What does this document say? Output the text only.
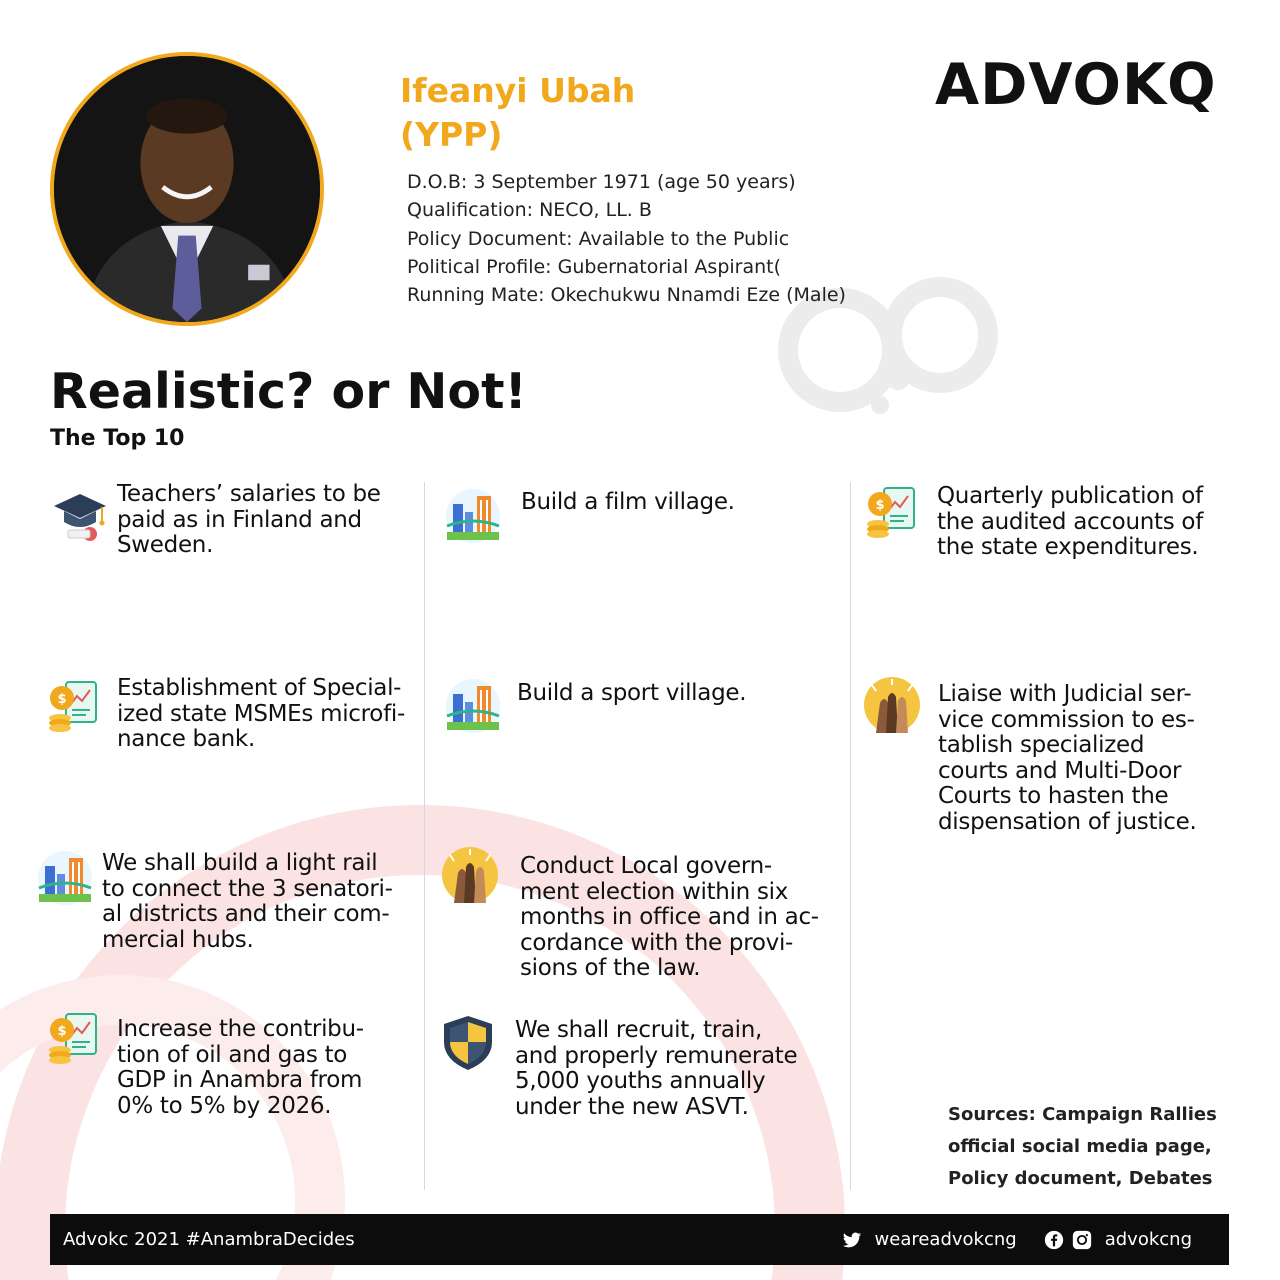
Ifeanyi Ubah
(YPP)
D.O.B: 3 September 1971 (age 50 years)
Qualification: NECO, LL. B
Policy Document: Available to the Public
Political Profile: Gubernatorial Aspirant(
Running Mate: Okechukwu Nnamdi Eze (Male)
ADVOKQ
Realistic? or Not!
The Top 10
Teachers’ salaries to be
paid as in Finland and
Sweden.
$ Establishment of Special-
ized state MSMEs microfi-
nance bank.
We shall build a light rail
to connect the 3 senatori-
al districts and their com-
mercial hubs.
$ Increase the contribu-
tion of oil and gas to
GDP in Anambra from
0% to 5% by 2026.
Build a film village.
Build a sport village.
Conduct Local govern-
ment election within six
months in office and in ac-
cordance with the provi-
sions of the law.
We shall recruit, train,
and properly remunerate
5,000 youths annually
under the new ASVT.
$ Quarterly publication of
the audited accounts of
the state expenditures.
Liaise with Judicial ser-
vice commission to es-
tablish specialized
courts and Multi-Door
Courts to hasten the
dispensation of justice.
Sources: Campaign Rallies
official social media page,
Policy document, Debates
Advokc 2021 #AnambraDecides	weareadvokcng	advokcng
